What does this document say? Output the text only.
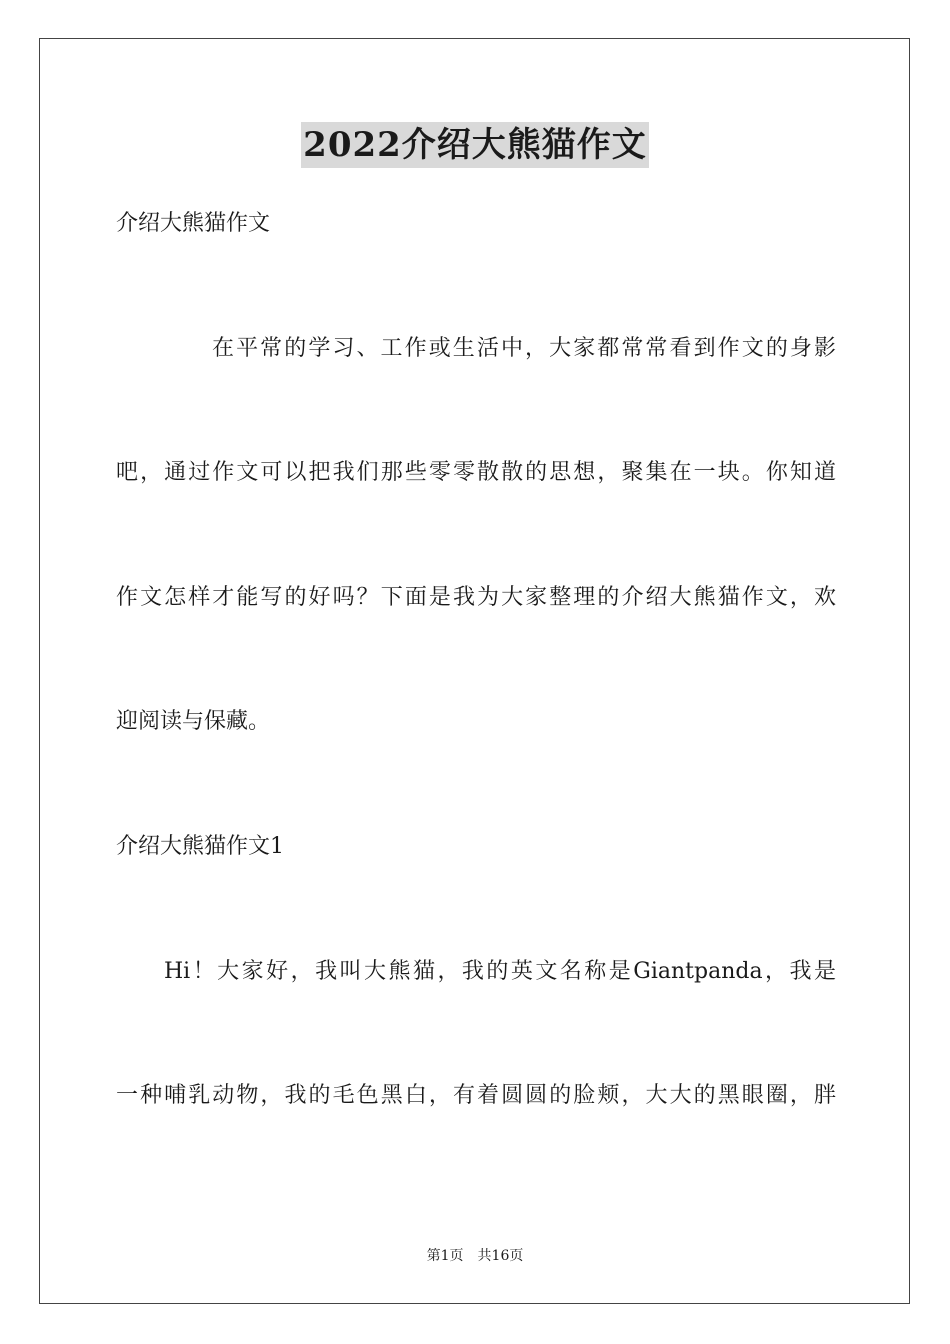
2022介绍大熊猫作文
介绍大熊猫作文
在平常的学习、工作或生活中，大家都常常看到作文的身影
吧，通过作文可以把我们那些零零散散的思想，聚集在一块。你知道
作文怎样才能写的好吗？下面是我为大家整理的介绍大熊猫作文，欢
迎阅读与保藏。
介绍大熊猫作文1
Hi！大家好，我叫大熊猫，我的英文名称是Giantpanda，我是
一种哺乳动物，我的毛色黑白，有着圆圆的脸颊，大大的黑眼圈，胖
第1页 共16页
